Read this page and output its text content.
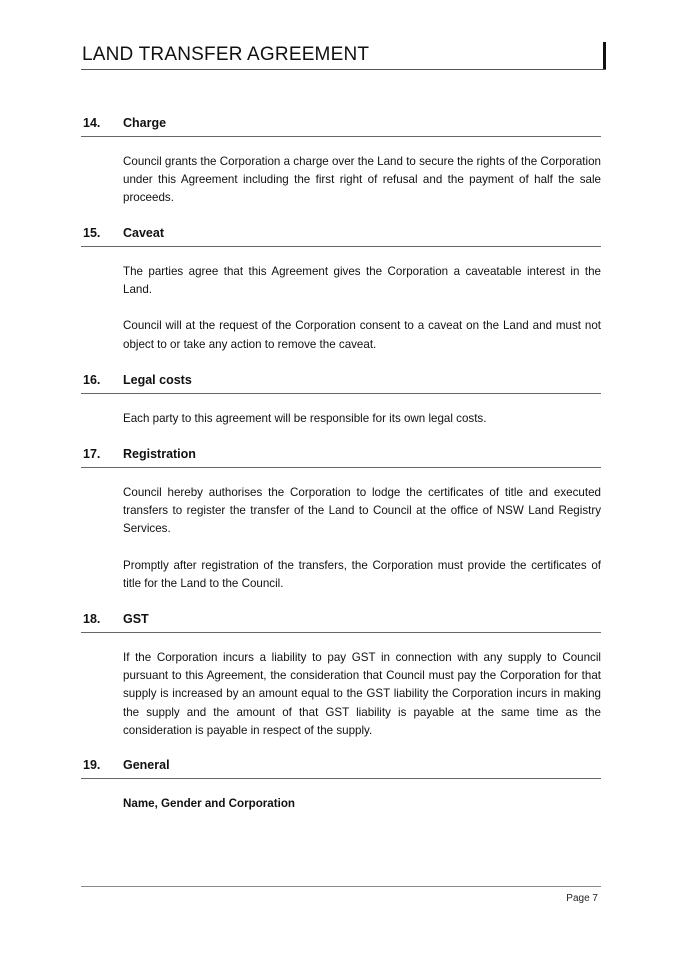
LAND TRANSFER AGREEMENT
14. Charge

Council grants the Corporation a charge over the Land to secure the rights of the Corporation under this Agreement including the first right of refusal and the payment of half the sale proceeds.

15. Caveat

The parties agree that this Agreement gives the Corporation a caveatable interest in the Land.

Council will at the request of the Corporation consent to a caveat on the Land and must not object to or take any action to remove the caveat.

16. Legal costs

Each party to this agreement will be responsible for its own legal costs.

17. Registration

Council hereby authorises the Corporation to lodge the certificates of title and executed transfers to register the transfer of the Land to Council at the office of NSW Land Registry Services.

Promptly after registration of the transfers, the Corporation must provide the certificates of title for the Land to the Council.

18. GST

If the Corporation incurs a liability to pay GST in connection with any supply to Council pursuant to this Agreement, the consideration that Council must pay the Corporation for that supply is increased by an amount equal to the GST liability the Corporation incurs in making the supply and the amount of that GST liability is payable at the same time as the consideration is payable in respect of the supply.

19. General

Name, Gender and Corporation

Page 7
